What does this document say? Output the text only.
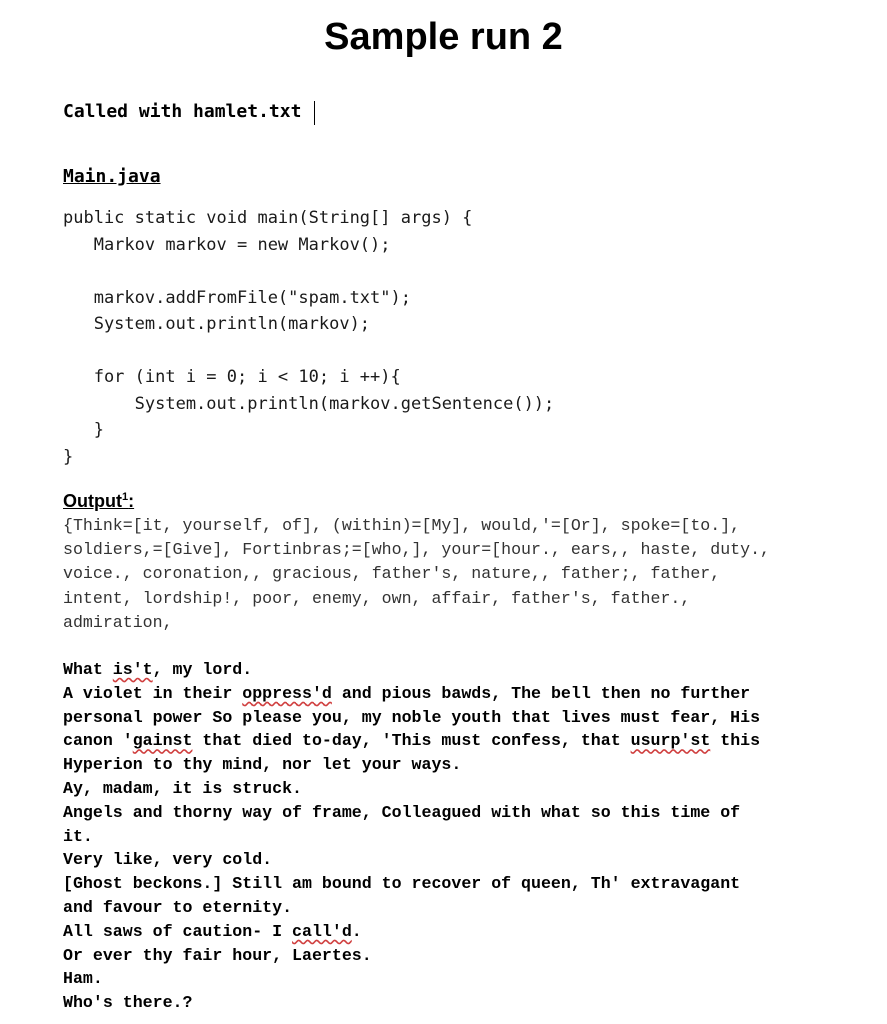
Sample run 2
Called with hamlet.txt
Main.java
public static void main(String[] args) {
Markov markov = new Markov();
markov.addFromFile("spam.txt");
System.out.println(markov);
for (int i = 0; i < 10; i ++){
System.out.println(markov.getSentence());
}
}
Output$^1$:
{Think=[it, yourself, of], (within)=[My], would,'=[Or], spoke=[to.],
soldiers,=[Give], Fortinbras;=[who,], your=[hour., ears,, haste, duty.,
voice., coronation,, gracious, father's, nature,, father;, father,
intent, lordship!, poor, enemy, own, affair, father's, father.,
admiration,
What is't, my lord.
A violet in their oppress'd and pious bawds, The bell then no further
personal power So please you, my noble youth that lives must fear, His
canon 'gainst that died to-day, 'This must confess, that usurp'st this
Hyperion to thy mind, nor let your ways.
Ay, madam, it is struck.
Angels and thorny way of frame, Colleagued with what so this time of
it.
Very like, very cold.
[Ghost beckons.] Still am bound to recover of queen, Th' extravagant
and favour to eternity.
All saws of caution- I call'd.
Or ever thy fair hour, Laertes.
Ham.
Who's there.?
